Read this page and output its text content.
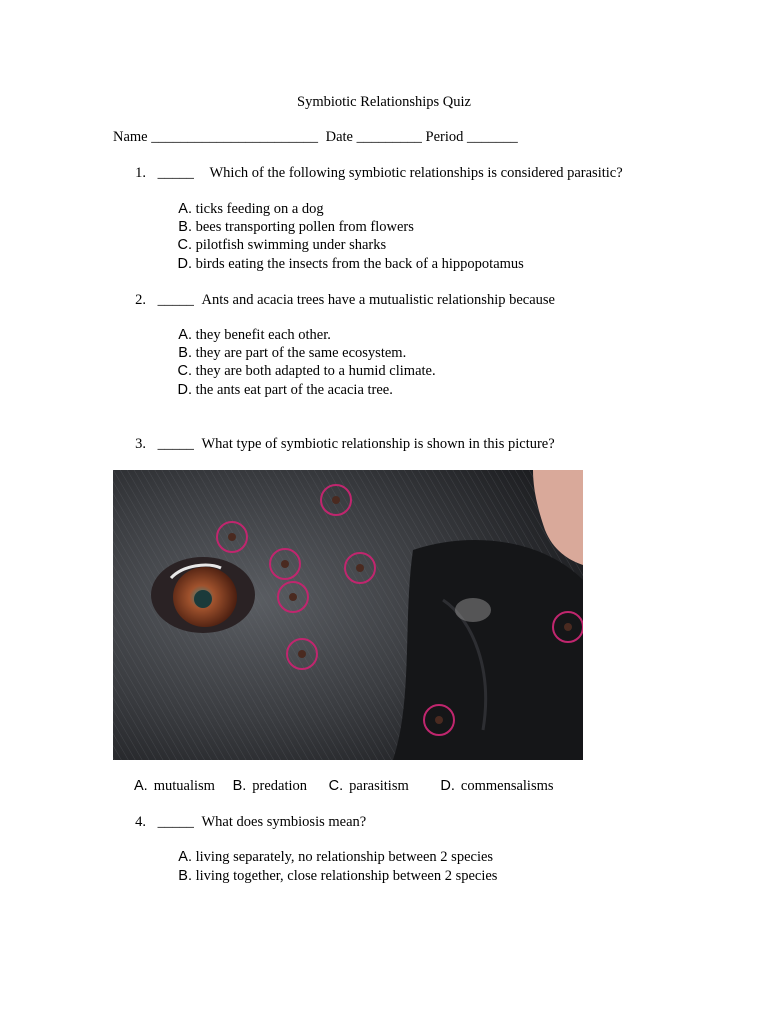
Symbiotic Relationships Quiz
Name _______________________ Date _________ Period _______
1. _____ Which of the following symbiotic relationships is considered parasitic?
A. ticks feeding on a dog
B. bees transporting pollen from flowers
C. pilotfish swimming under sharks
D. birds eating the insects from the back of a hippopotamus
2. _____ Ants and acacia trees have a mutualistic relationship because
A. they benefit each other.
B. they are part of the same ecosystem.
C. they are both adapted to a humid climate.
D. the ants eat part of the acacia tree.
3. _____ What type of symbiotic relationship is shown in this picture?
A. mutualism B. predation C. parasitism D. commensalisms
4. _____ What does symbiosis mean?
A. living separately, no relationship between 2 species
B. living together, close relationship between 2 species
